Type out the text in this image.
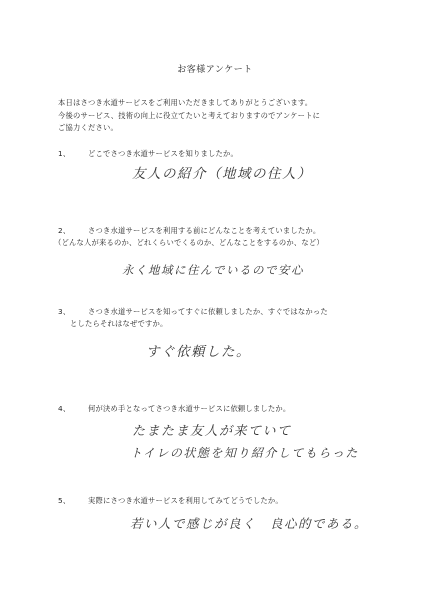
お客様アンケート
本日はさつき水道サービスをご利用いただきましてありがとうございます。
今後のサービス、技術の向上に役立てたいと考えておりますのでアンケートに
ご協力ください。
1、 どこでさつき水道サービスを知りましたか。
友人の紹介（地域の住人）
2、 さつき水道サービスを利用する前にどんなことを考えていましたか。
（どんな人が来るのか、どれくらいでくるのか、どんなことをするのか、など）
永く地域に住んでいるので安心
3、 さつき水道サービスを知ってすぐに依頼しましたか、すぐではなかった
としたらそれはなぜですか。
すぐ依頼した。
4、 何が決め手となってさつき水道サービスに依頼しましたか。
たまたま友人が来ていて
トイレの状態を知り紹介してもらった
5、 実際にさつき水道サービスを利用してみてどうでしたか。
若い人で感じが良く　良心的である。
